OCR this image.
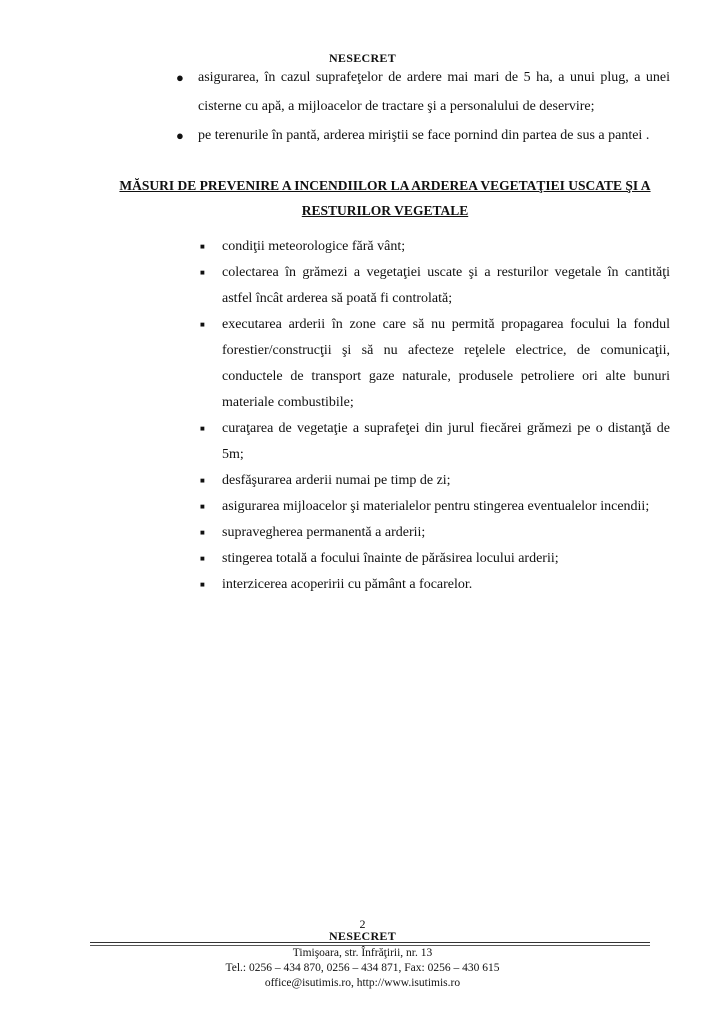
NESECRET
● asigurarea, în cazul suprafeţelor de ardere mai mari de 5 ha, a unui plug, a unei cisterne cu apă, a mijloacelor de tractare şi a personalului de deservire;
● pe terenurile în pantă, arderea miriştii se face pornind din partea de sus a pantei .
MĂSURI DE PREVENIRE A INCENDIILOR LA ARDEREA VEGETAŢIEI USCATE ŞI A
RESTURILOR VEGETALE
■ condiţii meteorologice fără vânt;
■ colectarea în grămezi a vegetaţiei uscate şi a resturilor vegetale în cantităţi astfel încât arderea să poată fi controlată;
■ executarea arderii în zone care să nu permită propagarea focului la fondul forestier/construcţii şi să nu afecteze reţelele electrice, de comunicaţii, conductele de transport gaze naturale, produsele petroliere ori alte bunuri materiale combustibile;
■ curaţarea de vegetaţie a suprafeţei din jurul fiecărei grămezi pe o distanţă de 5m;
■ desfăşurarea arderii numai pe timp de zi;
■ asigurarea mijloacelor şi materialelor pentru stingerea eventualelor incendii;
■ supravegherea permanentă a arderii;
■ stingerea totală a focului înainte de părăsirea locului arderii;
■ interzicerea acoperirii cu pământ a focarelor.
2
NESECRET
Timişoara, str. Înfrăţirii, nr. 13
Tel.: 0256 – 434 870, 0256 – 434 871, Fax: 0256 – 430 615
office@isutimis.ro, http://www.isutimis.ro
